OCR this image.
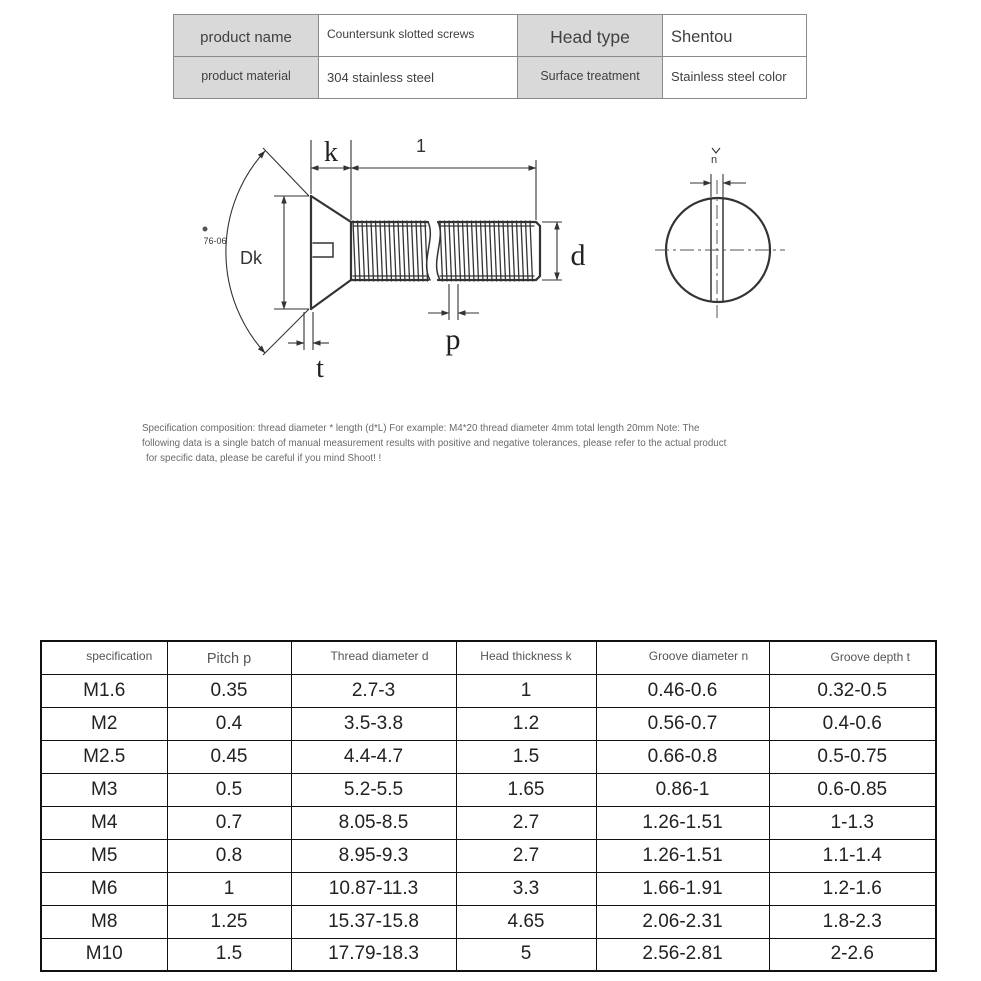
product name	Countersunk slotted screws	Head type	Shentou
product material	304 stainless steel	Surface treatment	Stainless steel color
k	1
Dk
76-06	d
p
t
n
Specification composition: thread diameter * length (d*L) For example: M4*20 thread diameter 4mm total length 20mm Note: The
following data is a single batch of manual measurement results with positive and negative tolerances, please refer to the actual product
for specific data, please be careful if you mind Shoot! !
specification	Pitch p	Thread diameter d	Head thickness k	Groove diameter n	Groove depth t
M1.6	0.35	2.7-3	1	0.46-0.6	0.32-0.5
M2	0.4	3.5-3.8	1.2	0.56-0.7	0.4-0.6
M2.5	0.45	4.4-4.7	1.5	0.66-0.8	0.5-0.75
M3	0.5	5.2-5.5	1.65	0.86-1	0.6-0.85
M4	0.7	8.05-8.5	2.7	1.26-1.51	1-1.3
M5	0.8	8.95-9.3	2.7	1.26-1.51	1.1-1.4
M6	1	10.87-11.3	3.3	1.66-1.91	1.2-1.6
M8	1.25	15.37-15.8	4.65	2.06-2.31	1.8-2.3
M10	1.5	17.79-18.3	5	2.56-2.81	2-2.6
